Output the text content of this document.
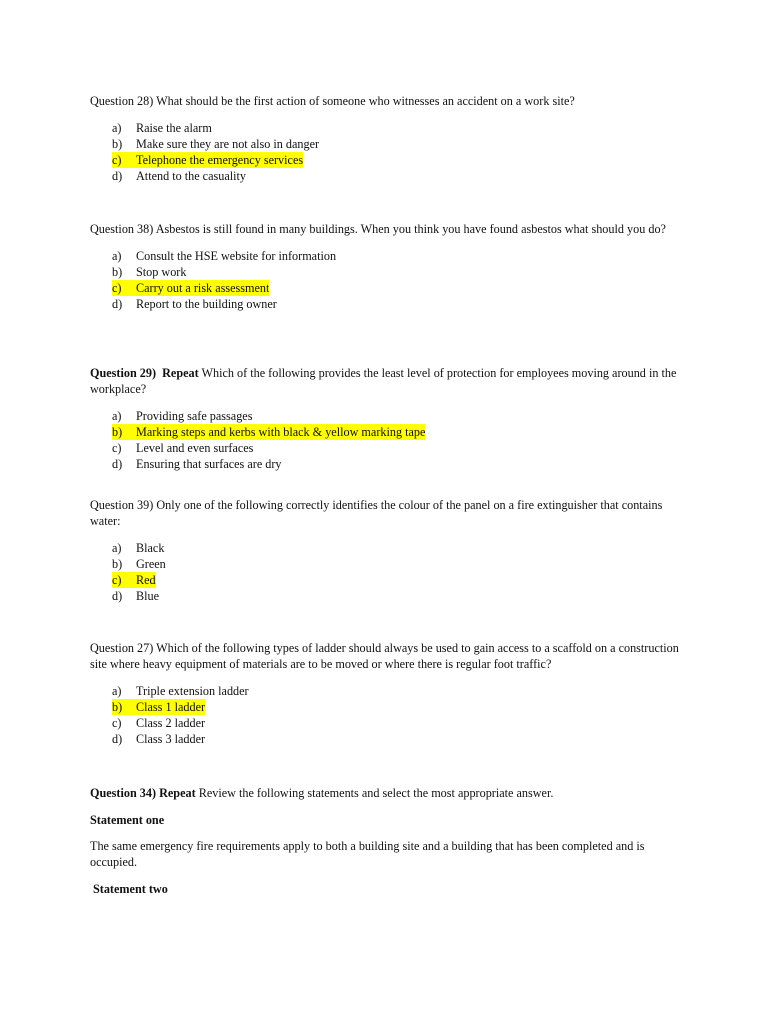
Question 28) What should be the first action of someone who witnesses an accident on a work site?

a) Raise the alarm
b) Make sure they are not also in danger
c) Telephone the emergency services
d) Attend to the casuality

Question 38) Asbestos is still found in many buildings. When you think you have found asbestos what should you do?

a) Consult the HSE website for information
b) Stop work
c) Carry out a risk assessment
d) Report to the building owner

Question 29) Repeat Which of the following provides the least level of protection for employees moving around in the workplace?

a) Providing safe passages
b) Marking steps and kerbs with black & yellow marking tape
c) Level and even surfaces
d) Ensuring that surfaces are dry

Question 39) Only one of the following correctly identifies the colour of the panel on a fire extinguisher that contains water:

a) Black
b) Green
c) Red
d) Blue

Question 27) Which of the following types of ladder should always be used to gain access to a scaffold on a construction site where heavy equipment of materials are to be moved or where there is regular foot traffic?

a) Triple extension ladder
b) Class 1 ladder
c) Class 2 ladder
d) Class 3 ladder

Question 34) Repeat Review the following statements and select the most appropriate answer.

Statement one

The same emergency fire requirements apply to both a building site and a building that has been completed and is occupied.

Statement two
